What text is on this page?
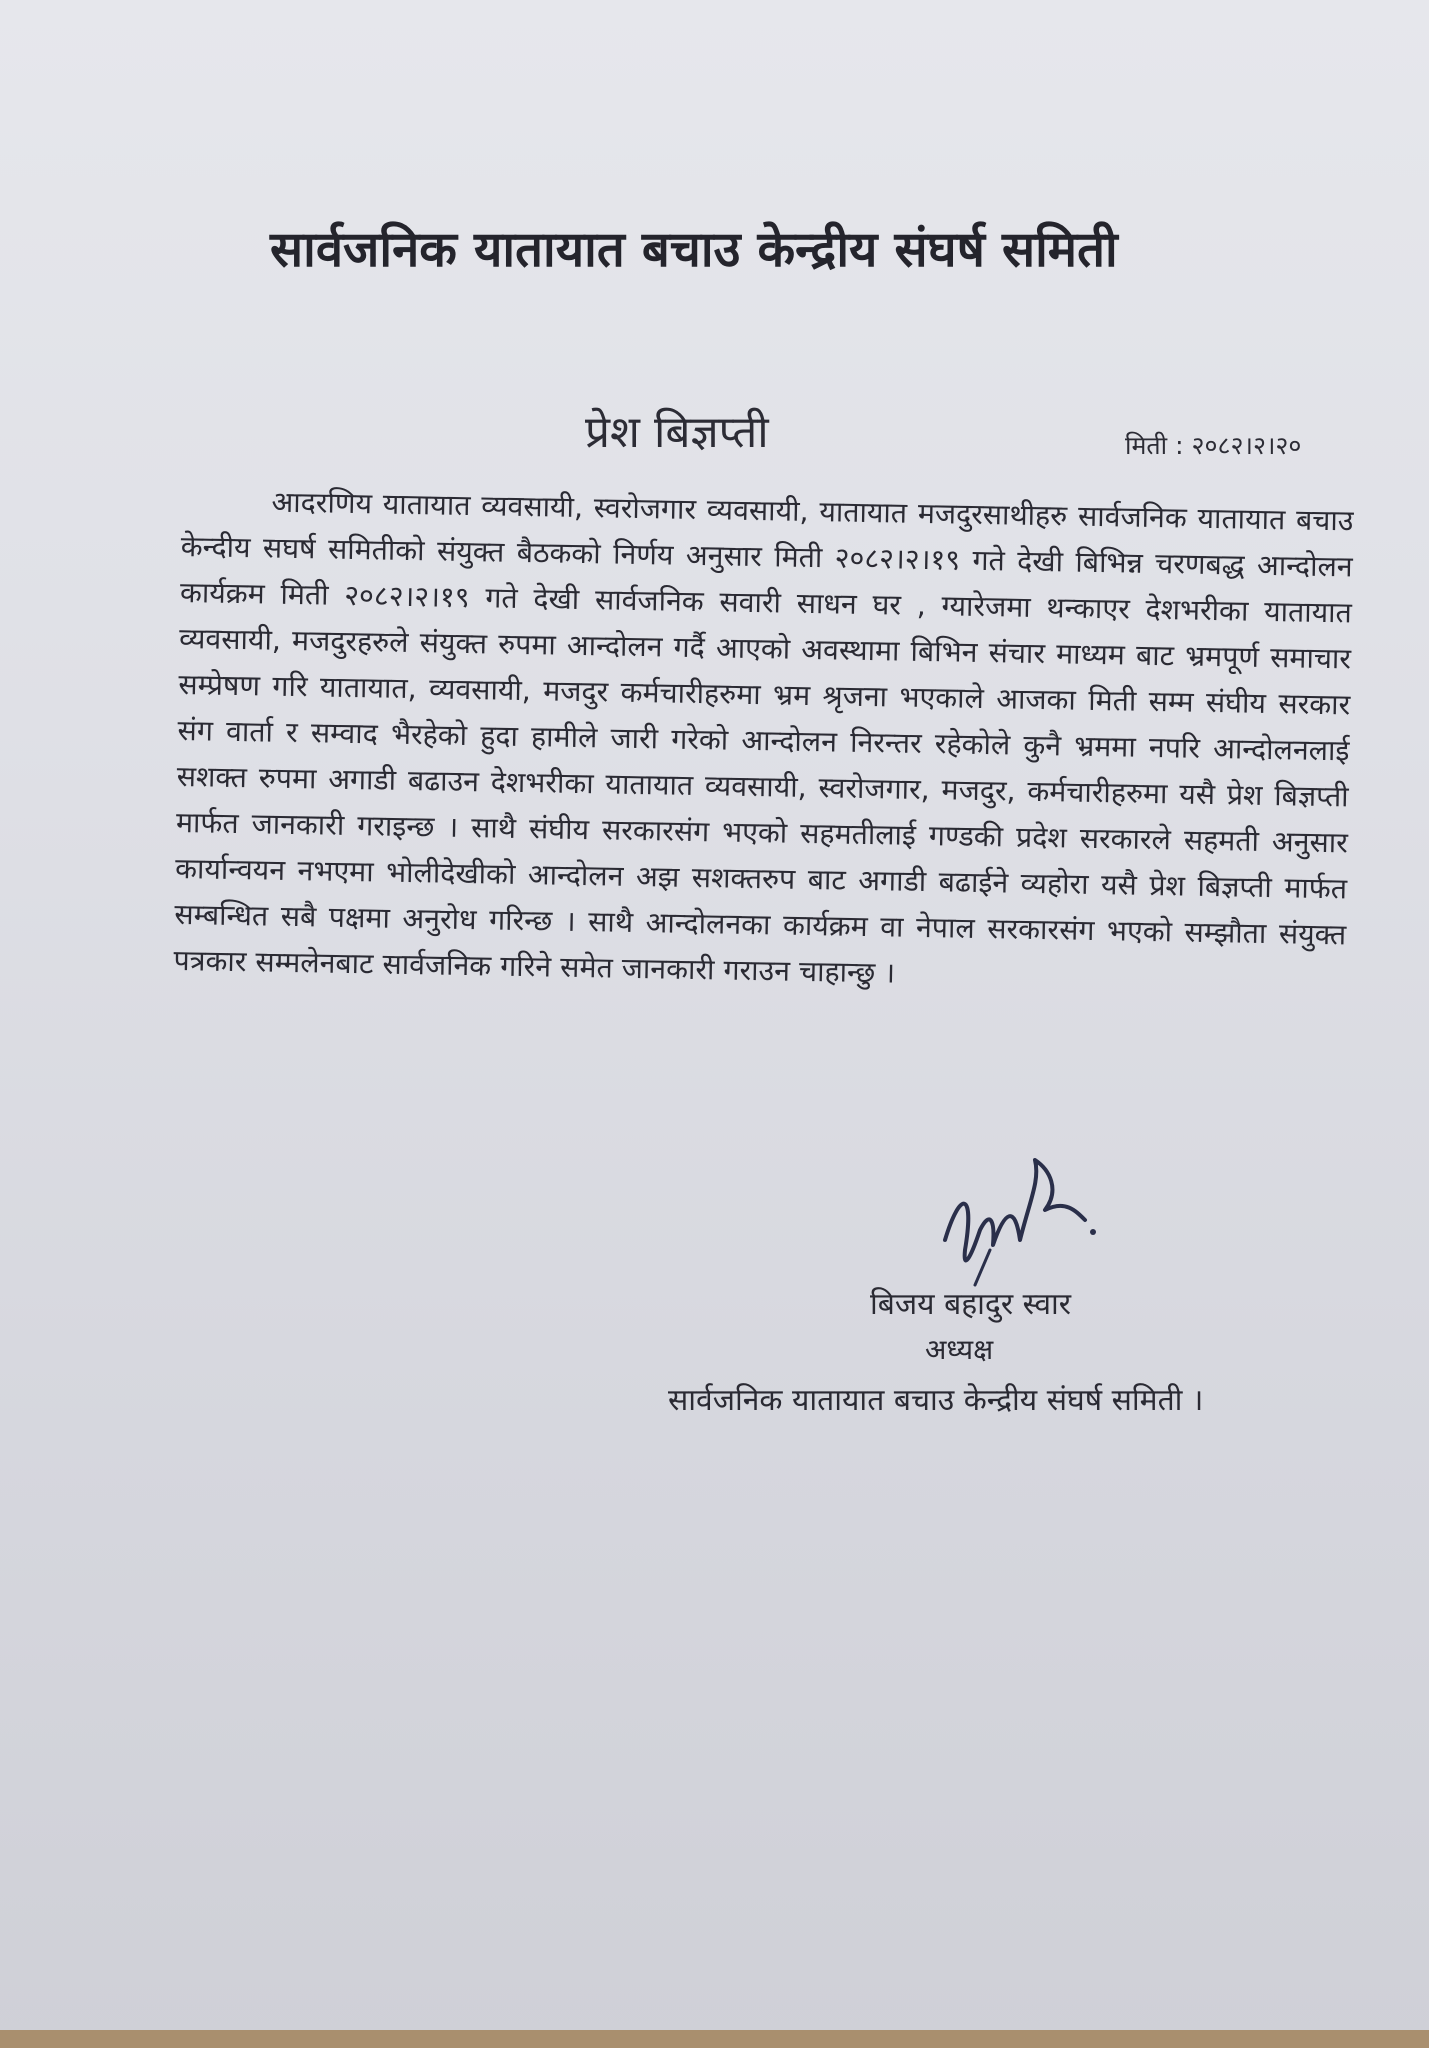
सार्वजनिक यातायात बचाउ केन्द्रीय संघर्ष समिती
प्रेश बिज्ञप्ती	मिती : २०८२।२।२०

आदरणिय यातायात व्यवसायी, स्वरोजगार व्यवसायी, यातायात मजदुरसाथीहरु सार्वजनिक यातायात बचाउ केन्दीय सघर्ष समितीको संयुक्त बैठकको निर्णय अनुसार मिती २०८२।२।१९ गते देखी बिभिन्न चरणबद्ध आन्दोलन कार्यक्रम मिती २०८२।२।१९ गते देखी सार्वजनिक सवारी साधन घर , ग्यारेजमा थन्काएर देशभरीका यातायात व्यवसायी, मजदुरहरुले संयुक्त रुपमा आन्दोलन गर्दै आएको अवस्थामा बिभिन संचार माध्यम बाट भ्रमपूर्ण समाचार सम्प्रेषण गरि यातायात, व्यवसायी, मजदुर कर्मचारीहरुमा भ्रम श्रृजना भएकाले आजका मिती सम्म संघीय सरकार संग वार्ता र सम्वाद भैरहेको हुदा हामीले जारी गरेको आन्दोलन निरन्तर रहेकोले कुनै भ्रममा नपरि आन्दोलनलाई सशक्त रुपमा अगाडी बढाउन देशभरीका यातायात व्यवसायी, स्वरोजगार, मजदुर, कर्मचारीहरुमा यसै प्रेश बिज्ञप्ती मार्फत जानकारी गराइन्छ । साथै संघीय सरकारसंग भएको सहमतीलाई गण्डकी प्रदेश सरकारले सहमती अनुसार कार्यान्वयन नभएमा भोलीदेखीको आन्दोलन अझ सशक्तरुप बाट अगाडी बढाईने व्यहोरा यसै प्रेश बिज्ञप्ती मार्फत सम्बन्धित सबै पक्षमा अनुरोध गरिन्छ । साथै आन्दोलनका कार्यक्रम वा नेपाल सरकारसंग भएको सम्झौता संयुक्त पत्रकार सम्मलेनबाट सार्वजनिक गरिने समेत जानकारी गराउन चाहान्छु ।

बिजय बहादुर स्वार
अध्यक्ष
सार्वजनिक यातायात बचाउ केन्द्रीय संघर्ष समिती ।
